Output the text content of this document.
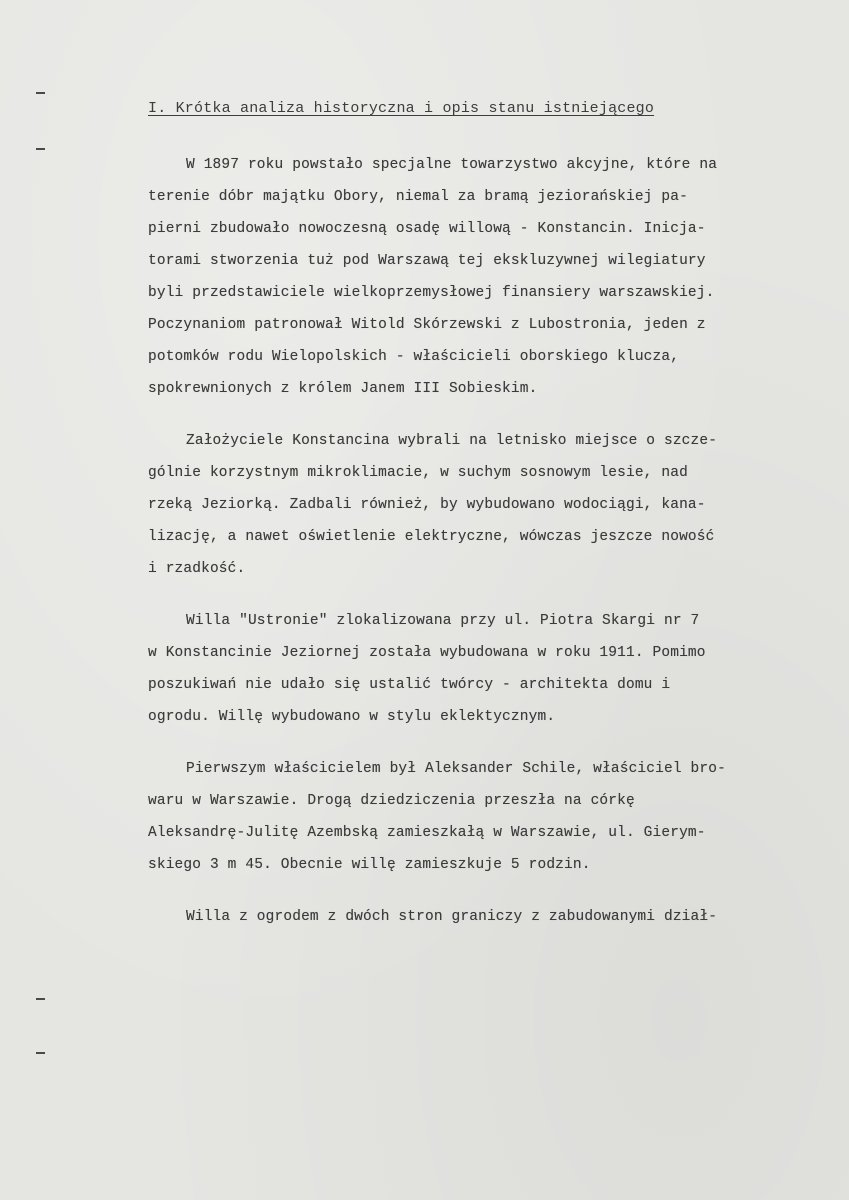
I. Krótka analiza historyczna i opis stanu istniejącego
W 1897 roku powstało specjalne towarzystwo akcyjne, które na
terenie dóbr majątku Obory, niemal za bramą jeziorańskiej pa-
pierni zbudowało nowoczesną osadę willową - Konstancin. Inicja-
torami stworzenia tuż pod Warszawą tej ekskluzywnej wilegiatury
byli przedstawiciele wielkoprzemysłowej finansiery warszawskiej.
Poczynaniom patronował Witold Skórzewski z Lubostronia, jeden z
potomków rodu Wielopolskich - właścicieli oborskiego klucza,
spokrewnionych z królem Janem III Sobieskim.
Założyciele Konstancina wybrali na letnisko miejsce o szcze-
gólnie korzystnym mikroklimacie, w suchym sosnowym lesie, nad
rzeką Jeziorką. Zadbali również, by wybudowano wodociągi, kana-
lizację, a nawet oświetlenie elektryczne, wówczas jeszcze nowość
i rzadkość.
Willa "Ustronie" zlokalizowana przy ul. Piotra Skargi nr 7
w Konstancinie Jeziornej została wybudowana w roku 1911. Pomimo
poszukiwań nie udało się ustalić twórcy - architekta domu i
ogrodu. Willę wybudowano w stylu eklektycznym.
Pierwszym właścicielem był Aleksander Schile, właściciel bro-
waru w Warszawie. Drogą dziedziczenia przeszła na córkę
Aleksandrę-Julitę Azembską zamieszkałą w Warszawie, ul. Gierym-
skiego 3 m 45. Obecnie willę zamieszkuje 5 rodzin.
Willa z ogrodem z dwóch stron graniczy z zabudowanymi dział-
